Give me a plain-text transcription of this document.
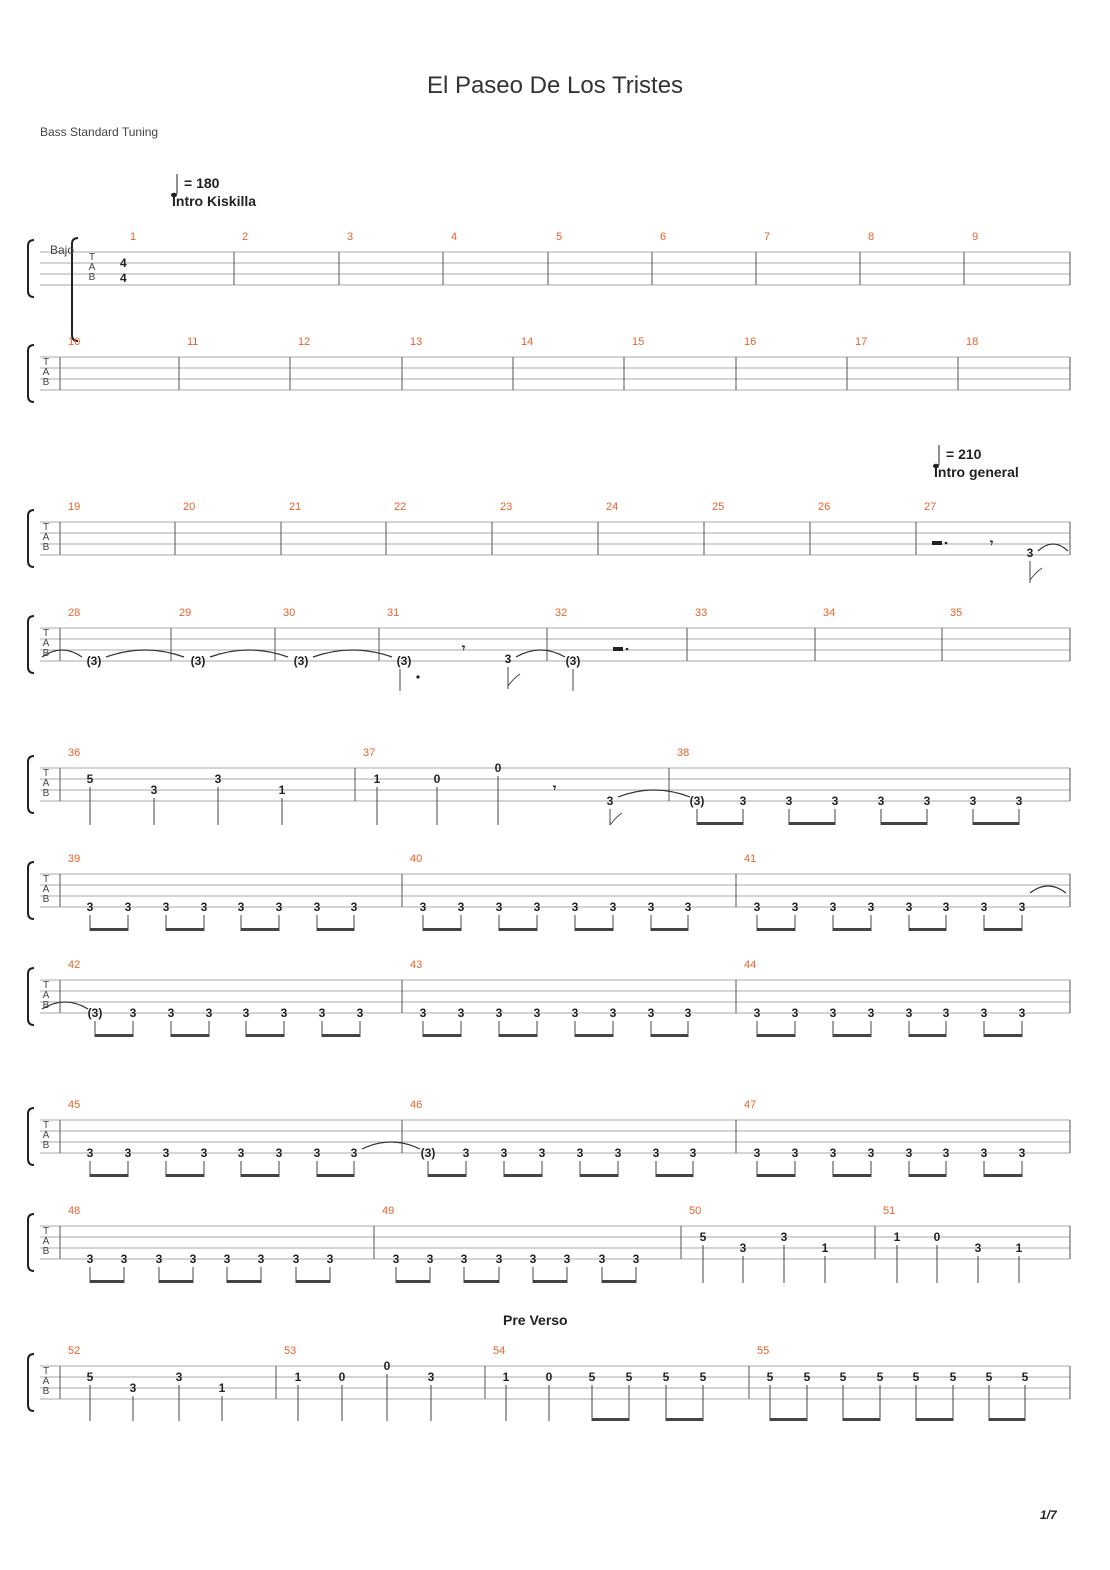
El Paseo De Los Tristes
Bass Standard Tuning
Bajo
4
4
T
A
B
1	2	3	4	5	6	7	8	9
T
A
B
10	11	12	13	14	15	16	17	18
T
A
B
19	20	21	22	23	24	25	26	27
T
A
B
28	29	30	31	32	33	34	35
T
A
B
36	37	38
T
A
B
39	40	41
T
A
B
42	43	44
T
A
B
45	46	47
T
A
B
48	49	50	51
T
A
B
52	53	54	55
= 180
Intro Kiskilla
= 210
Intro general
Pre Verso
𝄾
3
(3)	(3)	(3)	(3)
𝄾
3	(3)
5
3
3
1
1	0
0
𝄾
3	(3)	3	3	3	3	3	3	3
3	3	3	3	3	3	3	3	3	3	3	3	3	3	3	3	3	3	3	3	3	3	3	3
(3) 3	3	3	3	3	3	3	3	3	3	3	3	3	3	3	3	3	3	3	3	3	3	3
3	3	3	3	3	3	3	3	(3) 3	3	3	3	3	3	3	3	3	3	3	3	3	3	3
3 3 3 3 3 3 3 3	3 3 3 3 3 3 3 3
5
3
3
1
1	0
3	1
5
3
3
1
1	0
0
3	1	0	5	5	5	5	5	5 5	5 5	5 5 5
1/7
